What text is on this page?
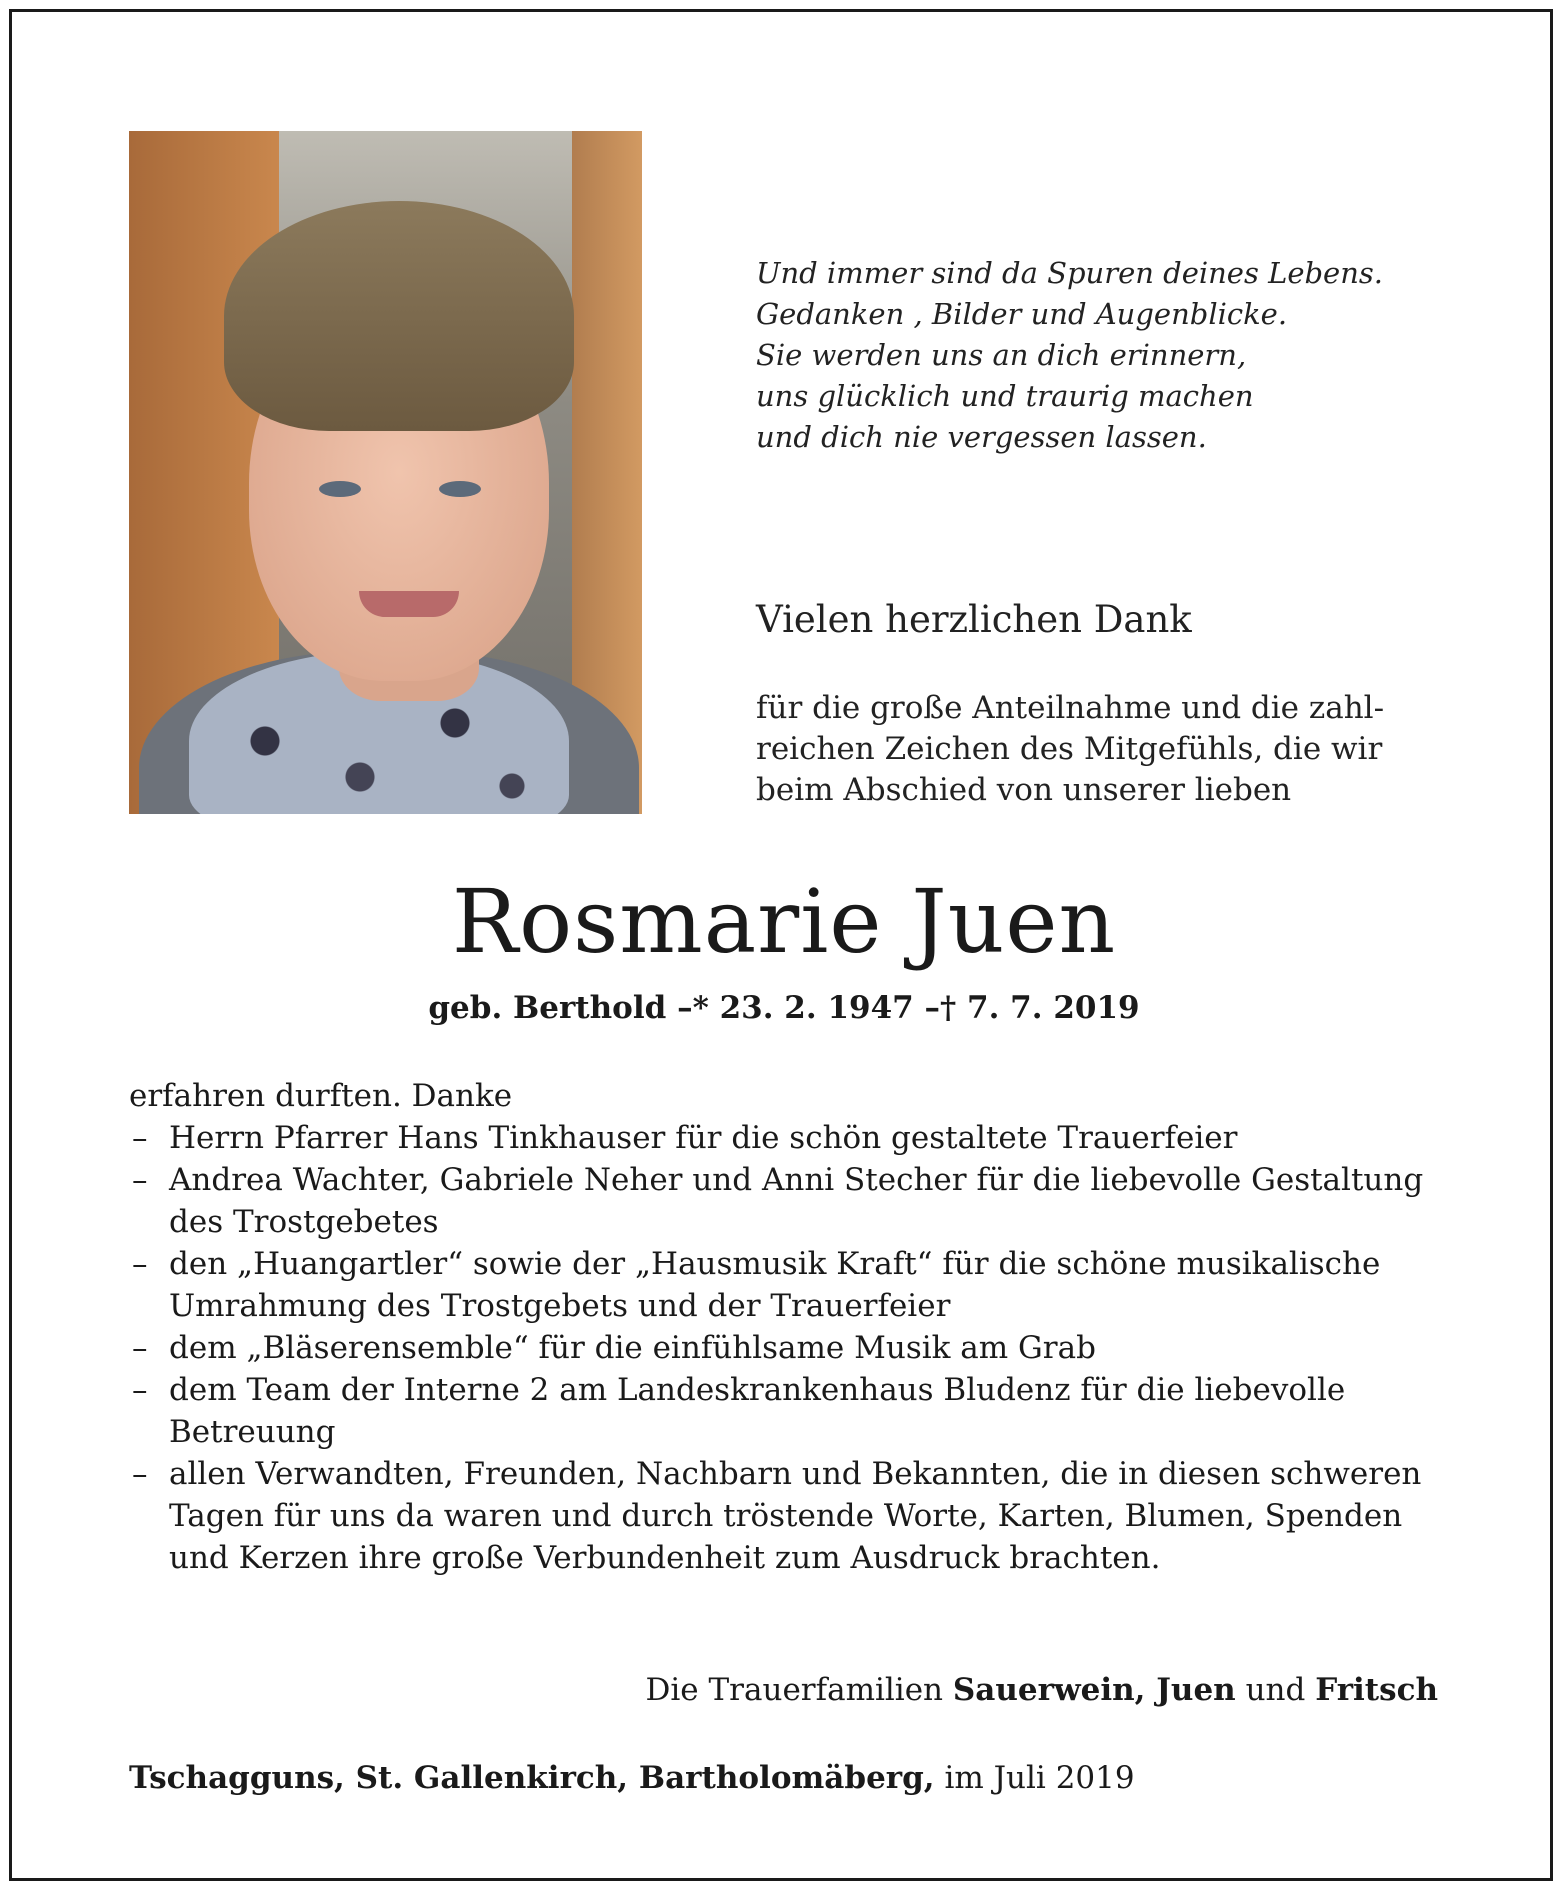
Und immer sind da Spuren deines Lebens.
Gedanken , Bilder und Augenblicke.
Sie werden uns an dich erinnern,
uns glücklich und traurig machen
und dich nie vergessen lassen.
Vielen herzlichen Dank
für die große Anteilnahme und die zahl-
reichen Zeichen des Mitgefühls, die wir
beim Abschied von unserer lieben
Rosmarie Juen
geb. Berthold –* 23. 2. 1947 –† 7. 7. 2019

erfahren durften. Danke

– Herrn Pfarrer Hans Tinkhauser für die schön gestaltete Trauerfeier
– Andrea Wachter, Gabriele Neher und Anni Stecher für die liebevolle Gestaltung des Trostgebetes
– den „Huangartler“ sowie der „Hausmusik Kraft“ für die schöne musikalische Umrahmung des Trostgebets und der Trauerfeier
– dem „Bläserensemble“ für die einfühlsame Musik am Grab
– dem Team der Interne 2 am Landeskrankenhaus Bludenz für die liebevolle Betreuung
– allen Verwandten, Freunden, Nachbarn und Bekannten, die in diesen schweren Tagen für uns da waren und durch tröstende Worte, Karten, Blumen, Spenden und Kerzen ihre große Verbundenheit zum Ausdruck brachten.
Die Trauerfamilien Sauerwein, Juen und Fritsch
Tschagguns, St. Gallenkirch, Bartholomäberg, im Juli 2019
